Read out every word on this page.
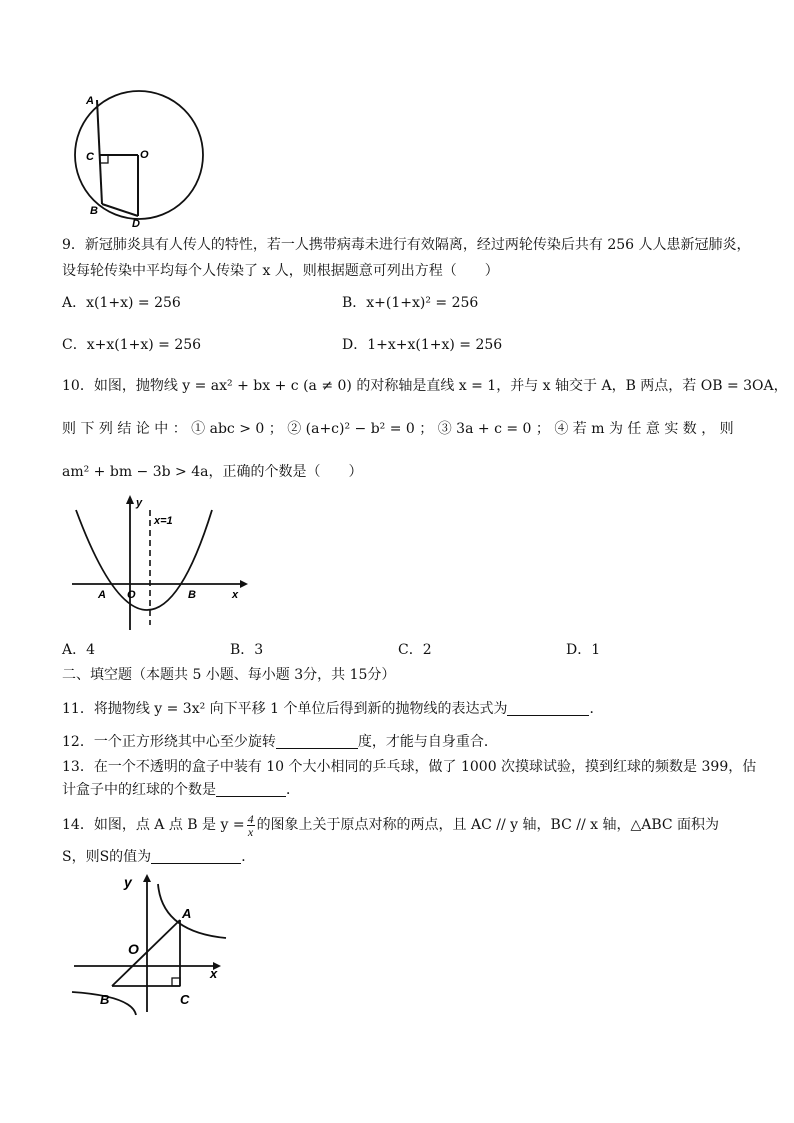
A
C	O
B
D
9．新冠肺炎具有人传人的特性，若一人携带病毒未进行有效隔离，经过两轮传染后共有 256 人人患新冠肺炎，
设每轮传染中平均每个人传染了 x 人，则根据题意可列出方程（　　）
A．x(1+x) = 256	B．x+(1+x)² = 256
C．x+x(1+x) = 256	D．1+x+x(1+x) = 256
10．如图，抛物线 y = ax² + bx + c (a ≠ 0) 的对称轴是直线 x = 1，并与 x 轴交于 A，B 两点，若 OB = 3OA，
则 下 列 结 论 中 ： ① abc > 0 ； ② (a+c)² − b² = 0 ； ③ 3a + c = 0 ； ④ 若 m 为 任 意 实 数 ， 则
am² + bm − 3b > 4a，正确的个数是（　　）
y
x=1
A O	B	x
A．4	B．3	C．2	D．1
二、填空题（本题共 5 小题、每小题 3分，共 15分）
11．将抛物线 y = 3x² 向下平移 1 个单位后得到新的抛物线的表达式为	．
12．一个正方形绕其中心至少旋转	度，才能与自身重合．
13．在一个不透明的盒子中装有 10 个大小相同的乒乓球，做了 1000 次摸球试验，摸到红球的频数是 399，估
计盒子中的红球的个数是	．
14．如图，点 A 点 B 是 $y = \frac{4}{x}$ 的图象上关于原点对称的两点，且 AC // y 轴，BC // x 轴，△ABC 面积为
S，则S的值为	．
y
O
A
x
B	C
